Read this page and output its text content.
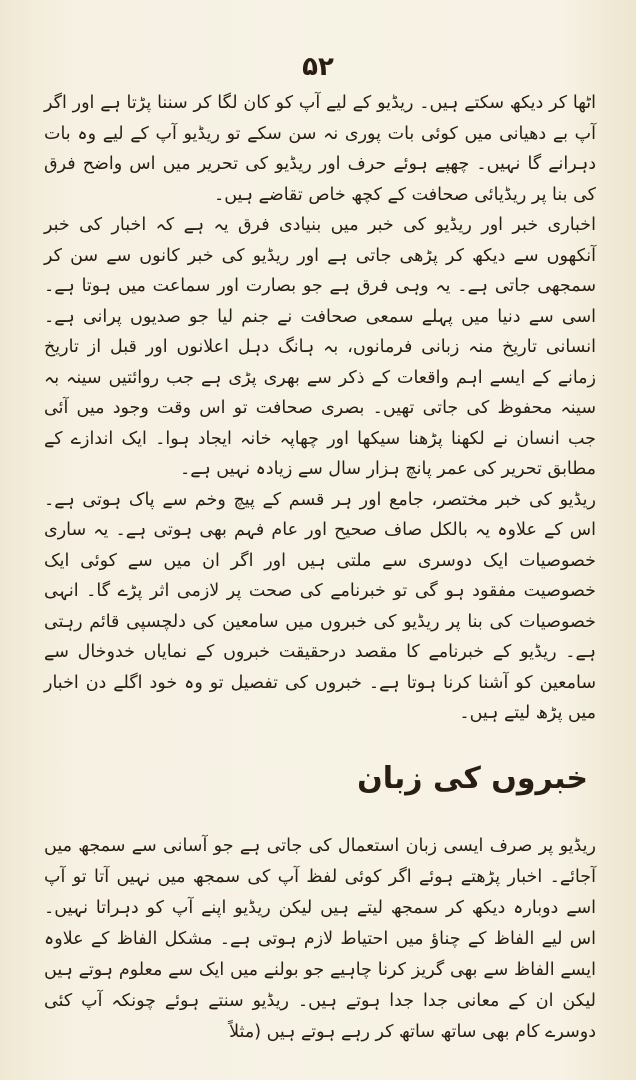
۵۲

اٹھا کر دیکھ سکتے ہیں۔ ریڈیو کے لیے آپ کو کان لگا کر سننا پڑتا ہے اور اگر آپ بے دھیانی میں کوئی بات پوری نہ سن سکے تو ریڈیو آپ کے لیے وہ بات دہرانے گا نہیں۔ چھپے ہوئے حرف اور ریڈیو کی تحریر میں اس واضح فرق کی بنا پر ریڈیائی صحافت کے کچھ خاص تقاضے ہیں۔

اخباری خبر اور ریڈیو کی خبر میں بنیادی فرق یہ ہے کہ اخبار کی خبر آنکھوں سے دیکھ کر پڑھی جاتی ہے اور ریڈیو کی خبر کانوں سے سن کر سمجھی جاتی ہے۔ یہ وہی فرق ہے جو بصارت اور سماعت میں ہوتا ہے۔ اسی سے دنیا میں پہلے سمعی صحافت نے جنم لیا جو صدیوں پرانی ہے۔ انسانی تاریخ منہ زبانی فرمانوں، بہ ہانگ دہل اعلانوں اور قبل از تاریخ زمانے کے ایسے اہم واقعات کے ذکر سے بھری پڑی ہے جب روائتیں سینہ بہ سینہ محفوظ کی جاتی تھیں۔ بصری صحافت تو اس وقت وجود میں آئی جب انسان نے لکھنا پڑھنا سیکھا اور چھاپہ خانہ ایجاد ہوا۔ ایک اندازے کے مطابق تحریر کی عمر پانچ ہزار سال سے زیادہ نہیں ہے۔

ریڈیو کی خبر مختصر، جامع اور ہر قسم کے پیچ وخم سے پاک ہوتی ہے۔ اس کے علاوہ یہ بالکل صاف صحیح اور عام فہم بھی ہوتی ہے۔ یہ ساری خصوصیات ایک دوسری سے ملتی ہیں اور اگر ان میں سے کوئی ایک خصوصیت مفقود ہو گی تو خبرنامے کی صحت پر لازمی اثر پڑے گا۔ انہی خصوصیات کی بنا پر ریڈیو کی خبروں میں سامعین کی دلچسپی قائم رہتی ہے۔ ریڈیو کے خبرنامے کا مقصد درحقیقت خبروں کے نمایاں خدوخال سے سامعین کو آشنا کرنا ہوتا ہے۔ خبروں کی تفصیل تو وہ خود اگلے دن اخبار میں پڑھ لیتے ہیں۔

خبروں کی زبان

ریڈیو پر صرف ایسی زبان استعمال کی جاتی ہے جو آسانی سے سمجھ میں آجائے۔ اخبار پڑھتے ہوئے اگر کوئی لفظ آپ کی سمجھ میں نہیں آتا تو آپ اسے دوبارہ دیکھ کر سمجھ لیتے ہیں لیکن ریڈیو اپنے آپ کو دہراتا نہیں۔ اس لیے الفاظ کے چناؤ میں احتیاط لازم ہوتی ہے۔ مشکل الفاظ کے علاوہ ایسے الفاظ سے بھی گریز کرنا چاہیے جو بولنے میں ایک سے معلوم ہوتے ہیں لیکن ان کے معانی جدا جدا ہوتے ہیں۔ ریڈیو سنتے ہوئے چونکہ آپ کئی دوسرے کام بھی ساتھ ساتھ کر رہے ہوتے ہیں (مثلاً
